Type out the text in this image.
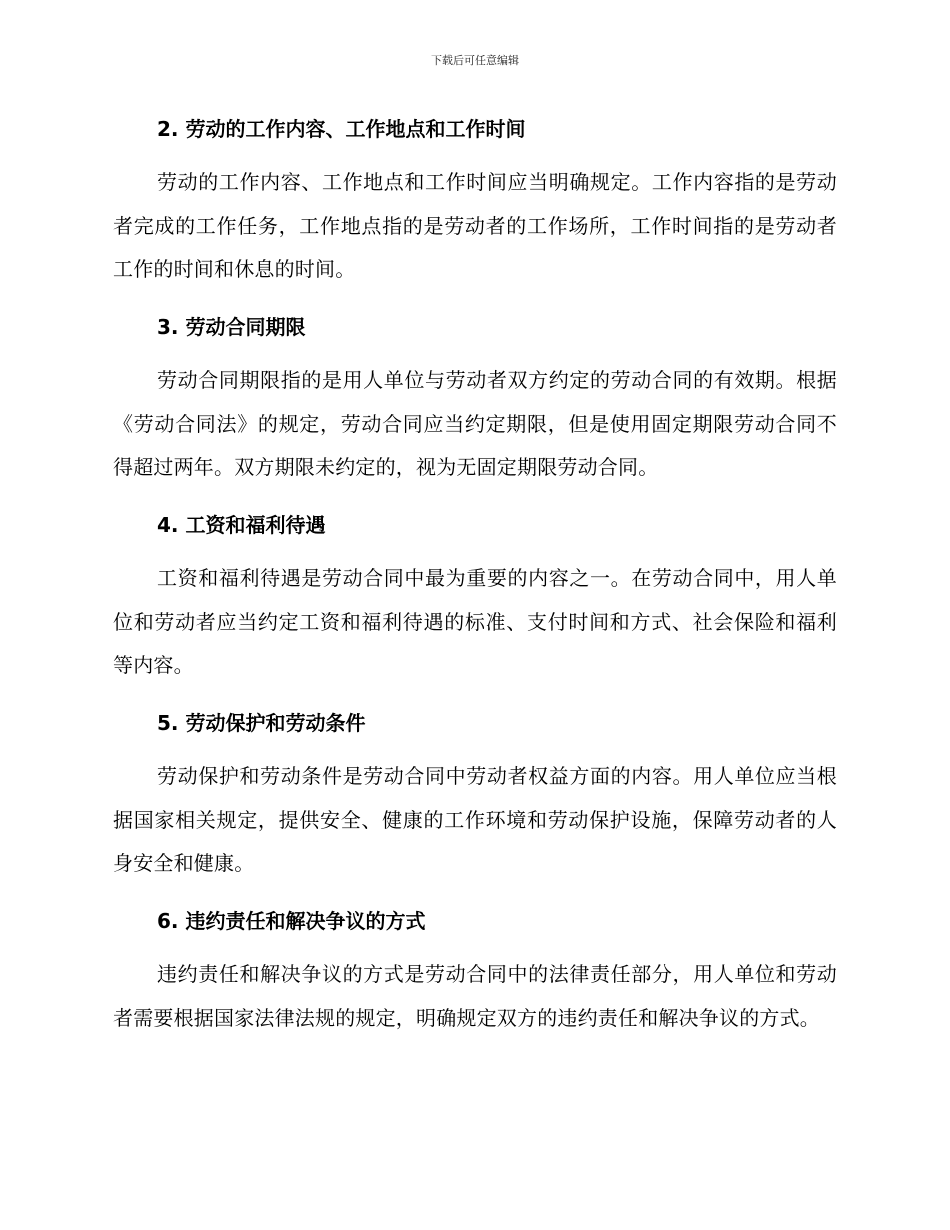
下载后可任意编辑
2. 劳动的工作内容、工作地点和工作时间
劳动的工作内容、工作地点和工作时间应当明确规定。工作内容指的是劳动者完成的工作任务，工作地点指的是劳动者的工作场所，工作时间指的是劳动者工作的时间和休息的时间。
3. 劳动合同期限
劳动合同期限指的是用人单位与劳动者双方约定的劳动合同的有效期。根据《劳动合同法》的规定，劳动合同应当约定期限，但是使用固定期限劳动合同不得超过两年。双方期限未约定的，视为无固定期限劳动合同。
4. 工资和福利待遇
工资和福利待遇是劳动合同中最为重要的内容之一。在劳动合同中，用人单位和劳动者应当约定工资和福利待遇的标准、支付时间和方式、社会保险和福利等内容。
5. 劳动保护和劳动条件
劳动保护和劳动条件是劳动合同中劳动者权益方面的内容。用人单位应当根据国家相关规定，提供安全、健康的工作环境和劳动保护设施，保障劳动者的人身安全和健康。
6. 违约责任和解决争议的方式
违约责任和解决争议的方式是劳动合同中的法律责任部分，用人单位和劳动者需要根据国家法律法规的规定，明确规定双方的违约责任和解决争议的方式。
